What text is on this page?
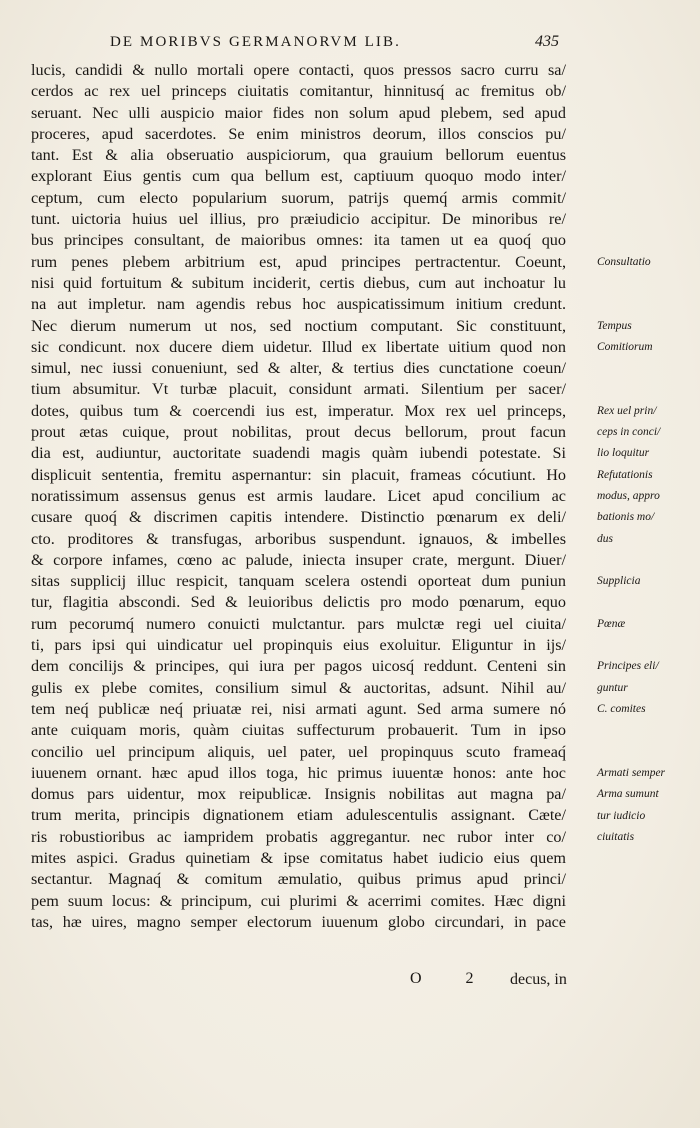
DE MORIBVS GERMANORVM LIB.	435
lucis, candidi & nullo mortali opere contacti, quos pressos sacro curru sa/
cerdos ac rex uel princeps ciuitatis comitantur, hinnitusq́ ac fremitus ob/
seruant. Nec ulli auspicio maior fides non solum apud plebem, sed apud
proceres, apud sacerdotes. Se enim ministros deorum, illos conscios pu/
tant. Est & alia obseruatio auspiciorum, qua grauium bellorum euentus
explorant Eius gentis cum qua bellum est, captiuum quoquo modo inter/
ceptum, cum electo popularium suorum, patrijs quemq́ armis commit/
tunt. uictoria huius uel illius, pro præiudicio accipitur. De minoribus re/
bus principes consultant, de maioribus omnes: ita tamen ut ea quoq́ quo
rum penes plebem arbitrium est, apud principes pertractentur. Coeunt,
nisi quid fortuitum & subitum inciderit, certis diebus, cum aut inchoatur lu
na aut impletur. nam agendis rebus hoc auspicatissimum initium credunt.
Nec dierum numerum ut nos, sed noctium computant. Sic constituunt,
sic condicunt. nox ducere diem uidetur. Illud ex libertate uitium quod non
simul, nec iussi conueniunt, sed & alter, & tertius dies cunctatione coeun/
tium absumitur. Vt turbæ placuit, considunt armati. Silentium per sacer/
dotes, quibus tum & coercendi ius est, imperatur. Mox rex uel princeps,
prout ætas cuique, prout nobilitas, prout decus bellorum, prout facun
dia est, audiuntur, auctoritate suadendi magis quàm iubendi potestate. Si
displicuit sententia, fremitu aspernantur: sin placuit, frameas cócutiunt. Ho
noratissimum assensus genus est armis laudare. Licet apud concilium ac
cusare quoq́ & discrimen capitis intendere. Distinctio pœnarum ex deli/
cto. proditores & transfugas, arboribus suspendunt. ignauos, & imbelles
& corpore infames, cœno ac palude, iniecta insuper crate, mergunt. Diuer/
sitas supplicij illuc respicit, tanquam scelera ostendi oporteat dum puniun
tur, flagitia abscondi. Sed & leuioribus delictis pro modo pœnarum, equo
rum pecorumq́ numero conuicti mulctantur. pars mulctæ regi uel ciuita/
ti, pars ipsi qui uindicatur uel propinquis eius exoluitur. Eliguntur in ijs/
dem concilijs & principes, qui iura per pagos uicosq́ reddunt. Centeni sin
gulis ex plebe comites, consilium simul & auctoritas, adsunt. Nihil au/
tem neq́ publicæ neq́ priuatæ rei, nisi armati agunt. Sed arma sumere nó
ante cuiquam moris, quàm ciuitas suffecturum probauerit. Tum in ipso
concilio uel principum aliquis, uel pater, uel propinquus scuto frameaq́
iuuenem ornant. hæc apud illos toga, hic primus iuuentæ honos: ante hoc
domus pars uidentur, mox reipublicæ. Insignis nobilitas aut magna pa/
trum merita, principis dignationem etiam adulescentulis assignant. Cæte/
ris robustioribus ac iampridem probatis aggregantur. nec rubor inter co/
mites aspici. Gradus quinetiam & ipse comitatus habet iudicio eius quem
sectantur. Magnaq́ & comitum æmulatio, quibus primus apud princi/
pem suum locus: & principum, cui plurimi & acerrimi comites. Hæc digni
tas, hæ uires, magno semper electorum iuuenum globo circundari, in pace
Consultatio
Tempus
Comitiorum
Rex uel prin/
ceps in conci/
lio loquitur
Refutationis
modus, appro
bationis mo/
dus
Supplicia
Pœnæ
Principes eli/
guntur
C. comites
Armati semper
Arma sumunt
tur iudicio
ciuitatis
O 2 decus, in
